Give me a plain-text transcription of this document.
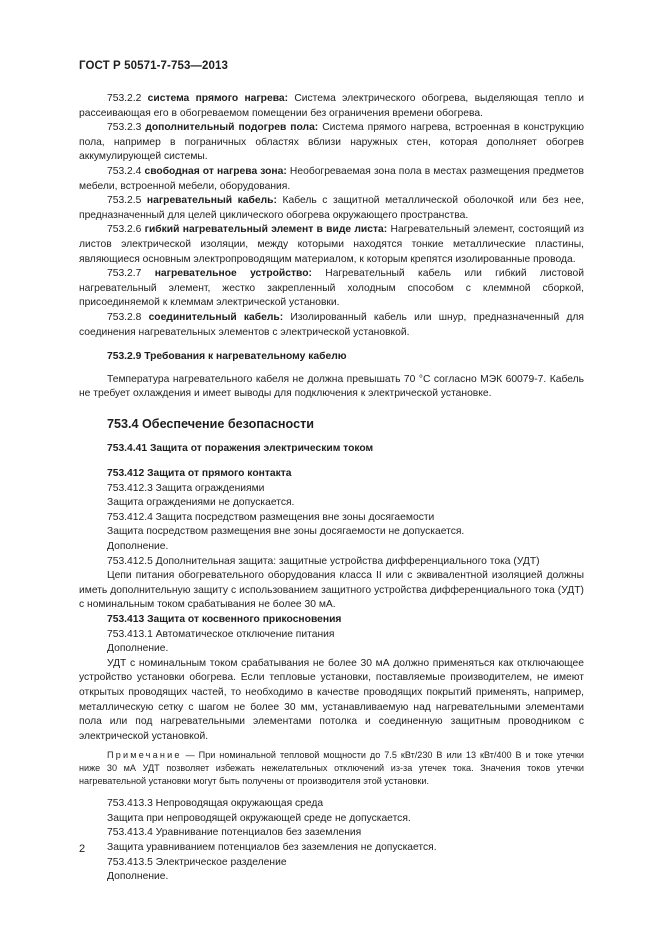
ГОСТ Р 50571-7-753—2013

753.2.2 система прямого нагрева: Система электрического обогрева, выделяющая тепло и рассеивающая его в обогреваемом помещении без ограничения времени обогрева.

753.2.3 дополнительный подогрев пола: Система прямого нагрева, встроенная в конструкцию пола, например в пограничных областях вблизи наружных стен, которая дополняет обогрев аккумулирующей системы.

753.2.4 свободная от нагрева зона: Необогреваемая зона пола в местах размещения предметов мебели, встроенной мебели, оборудования.

753.2.5 нагревательный кабель: Кабель с защитной металлической оболочкой или без нее, предназначенный для целей циклического обогрева окружающего пространства.

753.2.6 гибкий нагревательный элемент в виде листа: Нагревательный элемент, состоящий из листов электрической изоляции, между которыми находятся тонкие металлические пластины, являющиеся основным электропроводящим материалом, к которым крепятся изолированные провода.

753.2.7 нагревательное устройство: Нагревательный кабель или гибкий листовой нагревательный элемент, жестко закрепленный холодным способом с клеммной сборкой, присоединяемой к клеммам электрической установки.

753.2.8 соединительный кабель: Изолированный кабель или шнур, предназначенный для соединения нагревательных элементов с электрической установкой.

753.2.9 Требования к нагревательному кабелю

Температура нагревательного кабеля не должна превышать 70 °С согласно МЭК 60079-7. Кабель не требует охлаждения и имеет выводы для подключения к электрической установке.

753.4 Обеспечение безопасности

753.4.41 Защита от поражения электрическим током

753.412 Защита от прямого контакта

753.412.3 Защита ограждениями

Защита ограждениями не допускается.

753.412.4 Защита посредством размещения вне зоны досягаемости

Защита посредством размещения вне зоны досягаемости не допускается.

Дополнение.

753.412.5 Дополнительная защита: защитные устройства дифференциального тока (УДТ)

Цепи питания обогревательного оборудования класса II или с эквивалентной изоляцией должны иметь дополнительную защиту с использованием защитного устройства дифференциального тока (УДТ) с номинальным током срабатывания не более 30 мА.

753.413 Защита от косвенного прикосновения

753.413.1 Автоматическое отключение питания

Дополнение.

УДТ с номинальным током срабатывания не более 30 мА должно применяться как отключающее устройство установки обогрева. Если тепловые установки, поставляемые производителем, не имеют открытых проводящих частей, то необходимо в качестве проводящих покрытий применять, например, металлическую сетку с шагом не более 30 мм, устанавливаемую над нагревательными элементами пола или под нагревательными элементами потолка и соединенную защитным проводником с электрической установкой.

Примечание — При номинальной тепловой мощности до 7.5 кВт/230 В или 13 кВт/400 В и токе утечки ниже 30 мА УДТ позволяет избежать нежелательных отключений из-за утечек тока. Значения токов утечки нагревательной установки могут быть получены от производителя этой установки.

753.413.3 Непроводящая окружающая среда

Защита при непроводящей окружающей среде не допускается.

753.413.4 Уравнивание потенциалов без заземления

Защита уравниванием потенциалов без заземления не допускается.

753.413.5 Электрическое разделение

Дополнение.

2
